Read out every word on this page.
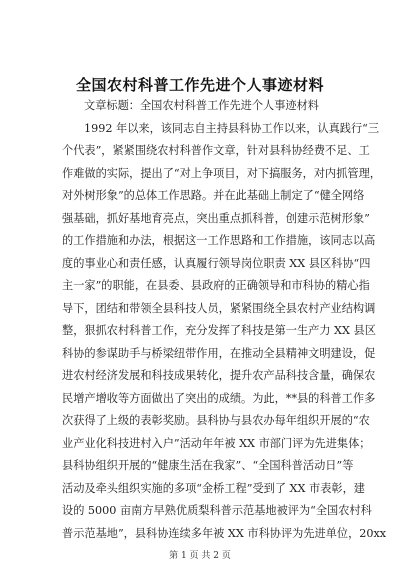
全国农村科普工作先进个人事迹材料
文章标题：全国农村科普工作先进个人事迹材料
1992 年以来，该同志自主持县科协工作以来，认真践行“三
个代表”，紧紧围绕农村科普作文章，针对县科协经费不足、工
作难做的实际，提出了“对上争项目，对下搞服务，对内抓管理，
对外树形象”的总体工作思路。并在此基础上制定了“健全网络
强基础，抓好基地育亮点，突出重点抓科普，创建示范树形象”
的工作措施和办法，根据这一工作思路和工作措施，该同志以高
度的事业心和责任感，认真履行领导岗位职责 XX 县区科协“四
主一家”的职能，在县委、县政府的正确领导和市科协的精心指
导下，团结和带领全县科技人员，紧紧围绕全县农村产业结构调
整，狠抓农村科普工作，充分发挥了科技是第一生产力 XX 县区
科协的参谋助手与桥梁纽带作用，在推动全县精神文明建设，促
进农村经济发展和科技成果转化，提升农产品科技含量，确保农
民增产增收等方面做出了突出的成绩。为此，**县的科普工作多
次获得了上级的表彰奖励。县科协与县农办每年组织开展的“农
业产业化科技进村入户”活动年年被 XX 市部门评为先进集体；
县科协组织开展的“健康生活在我家”、“全国科普活动日”等
活动及牵头组织实施的多项“金桥工程”受到了 XX 市表彰，建
设的 5000 亩南方早熟优质梨科普示范基地被评为“全国农村科
普示范基地”，县科协连续多年被 XX 市科协评为先进单位，20xx
第 1 页 共 2 页
